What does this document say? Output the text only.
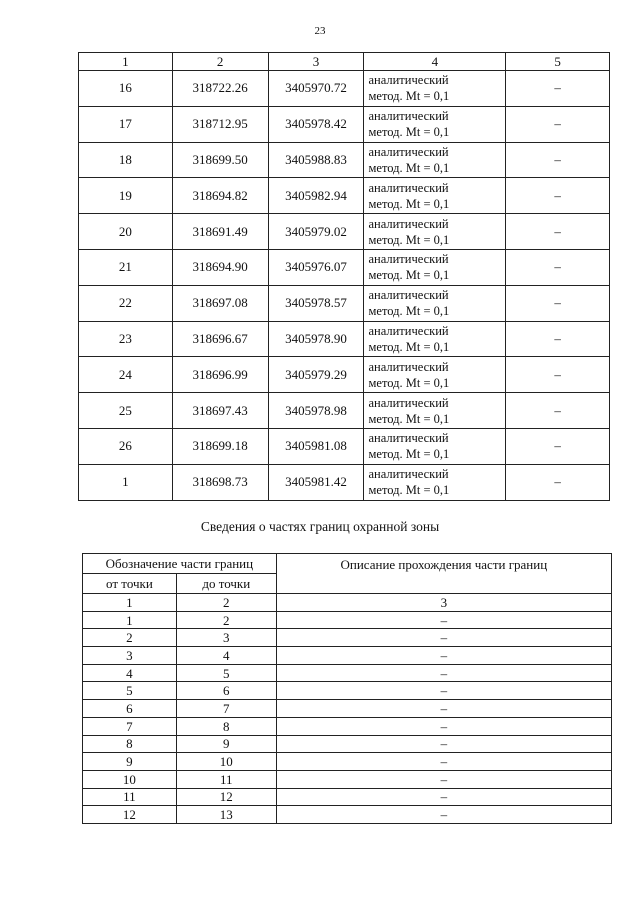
23
1	2	3	4	5
16	318722.26	3405970.72	аналитический
метод. Mt = 0,1	–
17	318712.95	3405978.42	аналитический
метод. Mt = 0,1	–
18	318699.50	3405988.83	аналитический
метод. Mt = 0,1	–
19	318694.82	3405982.94	аналитический
метод. Mt = 0,1	–
20	318691.49	3405979.02	аналитический
метод. Mt = 0,1	–
21	318694.90	3405976.07	аналитический
метод. Mt = 0,1	–
22	318697.08	3405978.57	аналитический
метод. Mt = 0,1	–
23	318696.67	3405978.90	аналитический
метод. Mt = 0,1	–
24	318696.99	3405979.29	аналитический
метод. Mt = 0,1	–
25	318697.43	3405978.98	аналитический
метод. Mt = 0,1	–
26	318699.18	3405981.08	аналитический
метод. Mt = 0,1	–
1	318698.73	3405981.42	аналитический
метод. Mt = 0,1	–
Сведения о частях границ охранной зоны
Обозначение части границ		Описание прохождения части границ
от точки	до точки	
1	2	3
1	2	–
2	3	–
3	4	–
4	5	–
5	6	–
6	7	–
7	8	–
8	9	–
9	10	–
10	11	–
11	12	–
12	13	–
